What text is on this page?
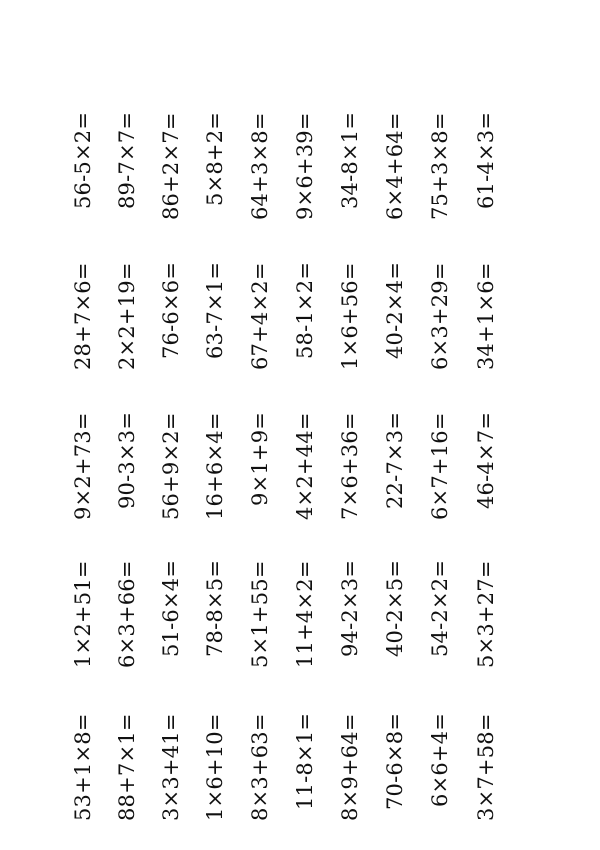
56-5×2= 89-7×7= 86+2×7= 5×8+2= 64+3×8= 9×6+39= 34-8×1= 6×4+64= 75+3×8= 61-4×3=
28+7×6= 2×2+19= 76-6×6= 63-7×1= 67+4×2= 58-1×2= 1×6+56= 40-2×4= 6×3+29= 34+1×6=
9×2+73= 90-3×3= 56+9×2= 16+6×4= 9×1+9= 4×2+44= 7×6+36= 22-7×3= 6×7+16= 46-4×7=
1×2+51= 6×3+66= 51-6×4= 78-8×5= 5×1+55= 11+4×2= 94-2×3= 40-2×5= 54-2×2= 5×3+27=
53+1×8= 88+7×1= 3×3+41= 1×6+10= 8×3+63= 11-8×1= 8×9+64= 70-6×8= 6×6+4= 3×7+58=
